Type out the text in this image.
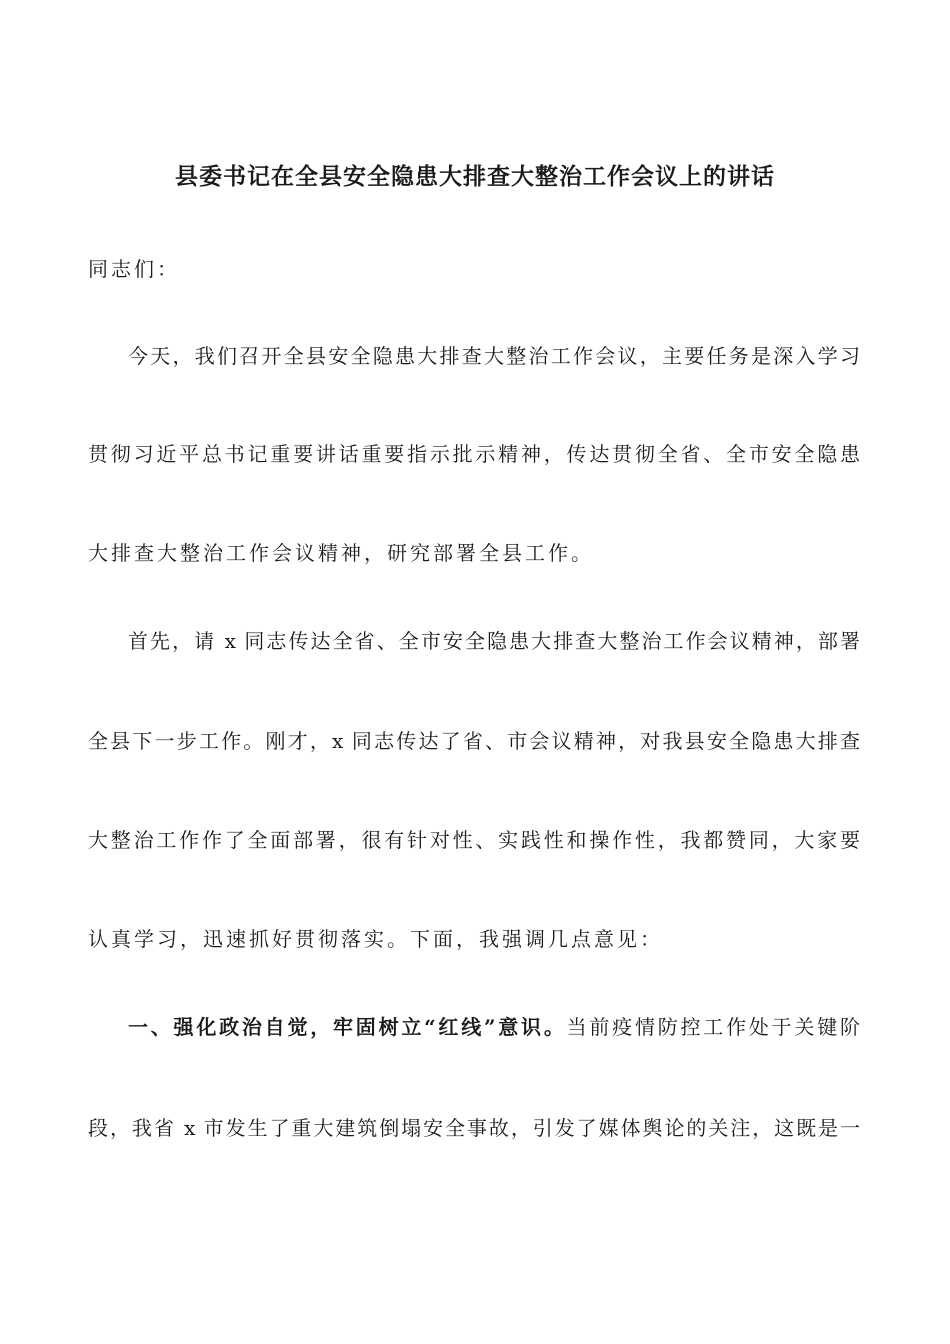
县委书记在全县安全隐患大排查大整治工作会议上的讲话
同志们：
今天，我们召开全县安全隐患大排查大整治工作会议，主要任务是深入学习
贯彻习近平总书记重要讲话重要指示批示精神，传达贯彻全省、全市安全隐患
大排查大整治工作会议精神，研究部署全县工作。
首先，请 x 同志传达全省、全市安全隐患大排查大整治工作会议精神，部署
全县下一步工作。刚才，x 同志传达了省、市会议精神，对我县安全隐患大排查
大整治工作作了全面部署，很有针对性、实践性和操作性，我都赞同，大家要
认真学习，迅速抓好贯彻落实。下面，我强调几点意见：
一、强化政治自觉，牢固树立“红线”意识。当前疫情防控工作处于关键阶
段，我省 x 市发生了重大建筑倒塌安全事故，引发了媒体舆论的关注，这既是一
